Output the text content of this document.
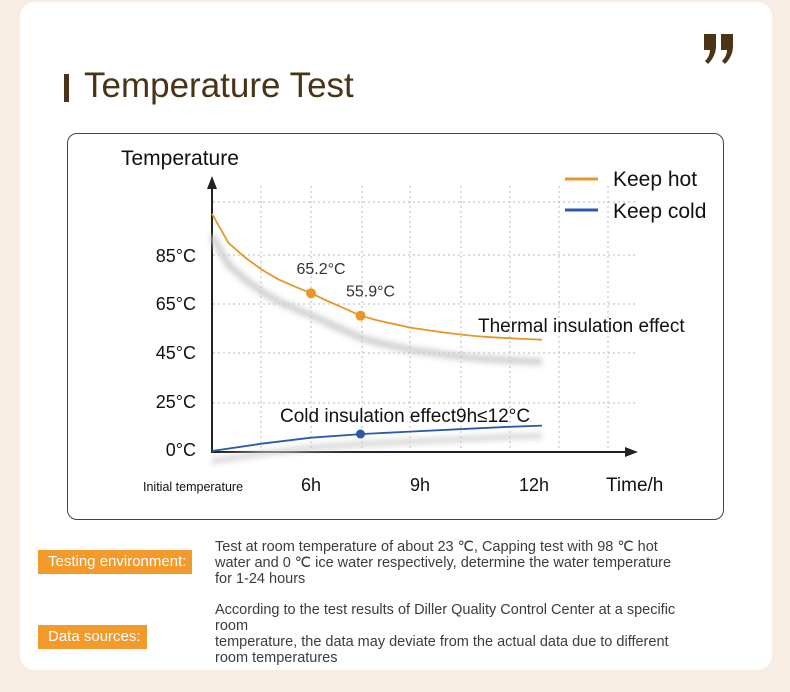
Temperature Test
Temperature
Time/h
85°C
65°C
45°C
25°C
0°C
Initial temperature	6h	9h	12h
65.2°C
55.9°C
Thermal insulation effect
Cold insulation effect9h≤12°C
Keep hot
Keep cold
Testing environment:
Test at room temperature of about 23 ℃, Capping test with 98 ℃ hot
water and 0 ℃ ice water respectively, determine the water temperature
for 1-24 hours
Data sources:
According to the test results of Diller Quality Control Center at a specific
room
temperature, the data may deviate from the actual data due to different
room temperatures
